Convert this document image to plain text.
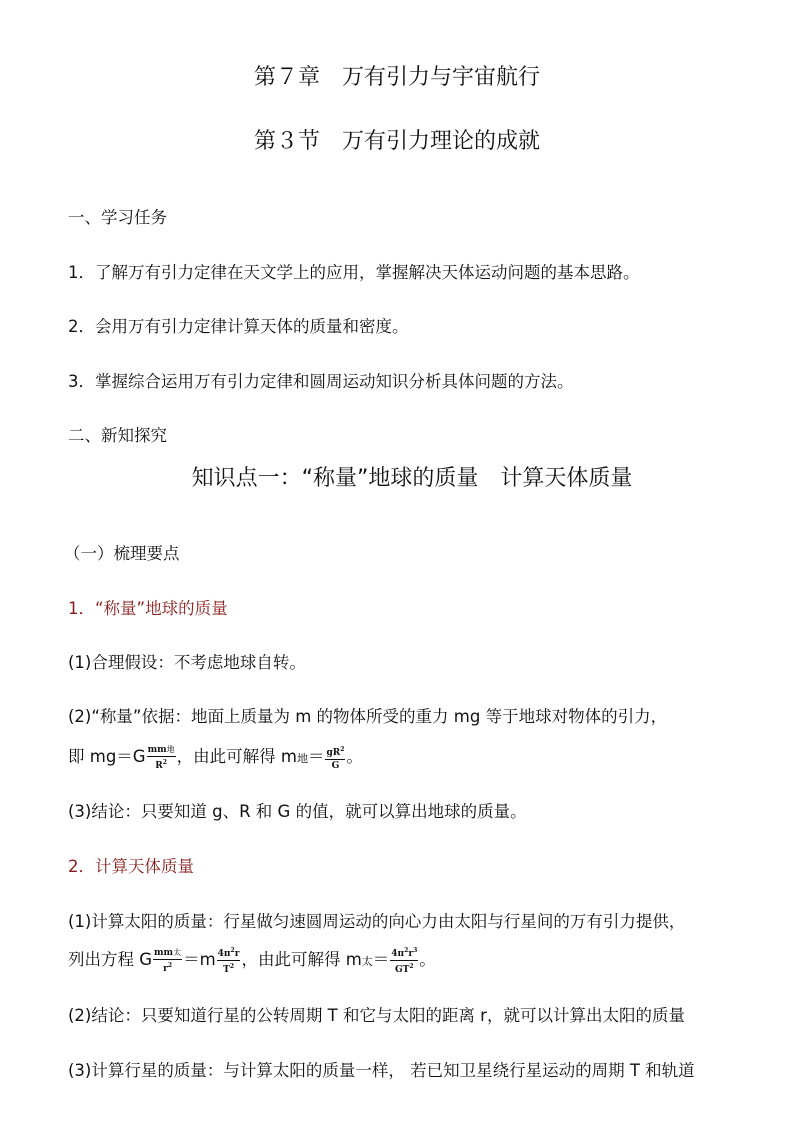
第７章　万有引力与宇宙航行
第３节　万有引力理论的成就
一、学习任务
1．了解万有引力定律在天文学上的应用，掌握解决天体运动问题的基本思路。
2．会用万有引力定律计算天体的质量和密度。
3．掌握综合运用万有引力定律和圆周运动知识分析具体问题的方法。
二、新知探究
知识点一：“称量”地球的质量　计算天体质量
（一）梳理要点
1．“称量”地球的质量
(1)合理假设：不考虑地球自转。
(2)“称量”依据：地面上质量为 m 的物体所受的重力 mg 等于地球对物体的引力，
即 $mg=G \frac{\text{mm地}}{R^2}$ ，由此可解得 m地＝ $\frac{gR^2}{G}$ 。
(3)结论：只要知道 g、R 和 G 的值，就可以算出地球的质量。
2．计算天体质量
(1)计算太阳的质量：行星做匀速圆周运动的向心力由太阳与行星间的万有引力提供，
列出方程 G $\frac{\text{mm太}}{r^2} =m \frac{4\pi^2r}{T^2}$ ，由此可解得 m太＝ $\frac{4\pi^2r^3}{GT^2}$ 。
(2)结论：只要知道行星的公转周期 T 和它与太阳的距离 r，就可以计算出太阳的质量
(3)计算行星的质量：与计算太阳的质量一样， 若已知卫星绕行星运动的周期 T 和轨道
